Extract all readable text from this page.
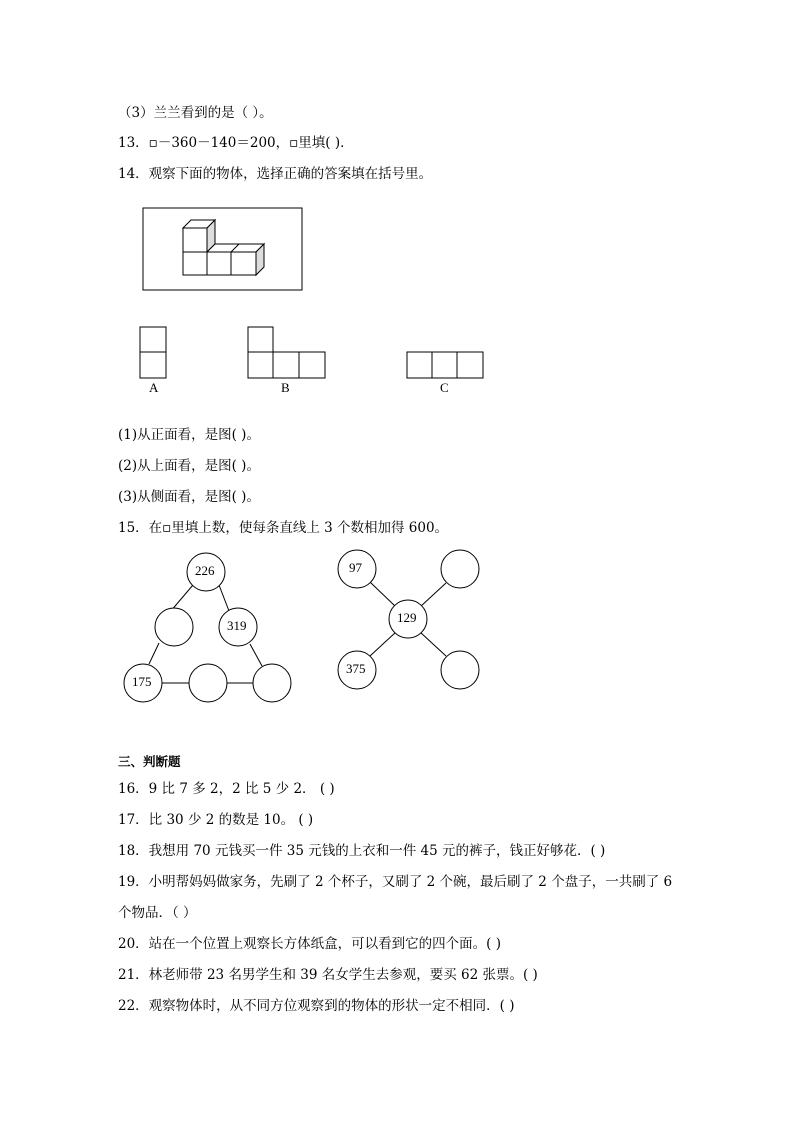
（3）兰兰看到的是（ ）。
13．▫－360－140＝200，▫里填( )．
14．观察下面的物体，选择正确的答案填在括号里。
A	B	C
(1)从正面看，是图( )。
(2)从上面看，是图( )。
(3)从侧面看，是图( )。
15．在▫里填上数，使每条直线上 3 个数相加得 600。
226
319
175
97
129
375
三、判断题
16．9 比 7 多 2，2 比 5 少 2． ( )
17．比 30 少 2 的数是 10。 ( )
18．我想用 70 元钱买一件 35 元钱的上衣和一件 45 元的裤子，钱正好够花．( )
19．小明帮妈妈做家务，先刷了 2 个杯子，又刷了 2 个碗，最后刷了 2 个盘子，一共刷了 6
个物品．（ ）
20．站在一个位置上观察长方体纸盒，可以看到它的四个面。( )
21．林老师带 23 名男学生和 39 名女学生去参观，要买 62 张票。( )
22．观察物体时，从不同方位观察到的物体的形状一定不相同．( )
